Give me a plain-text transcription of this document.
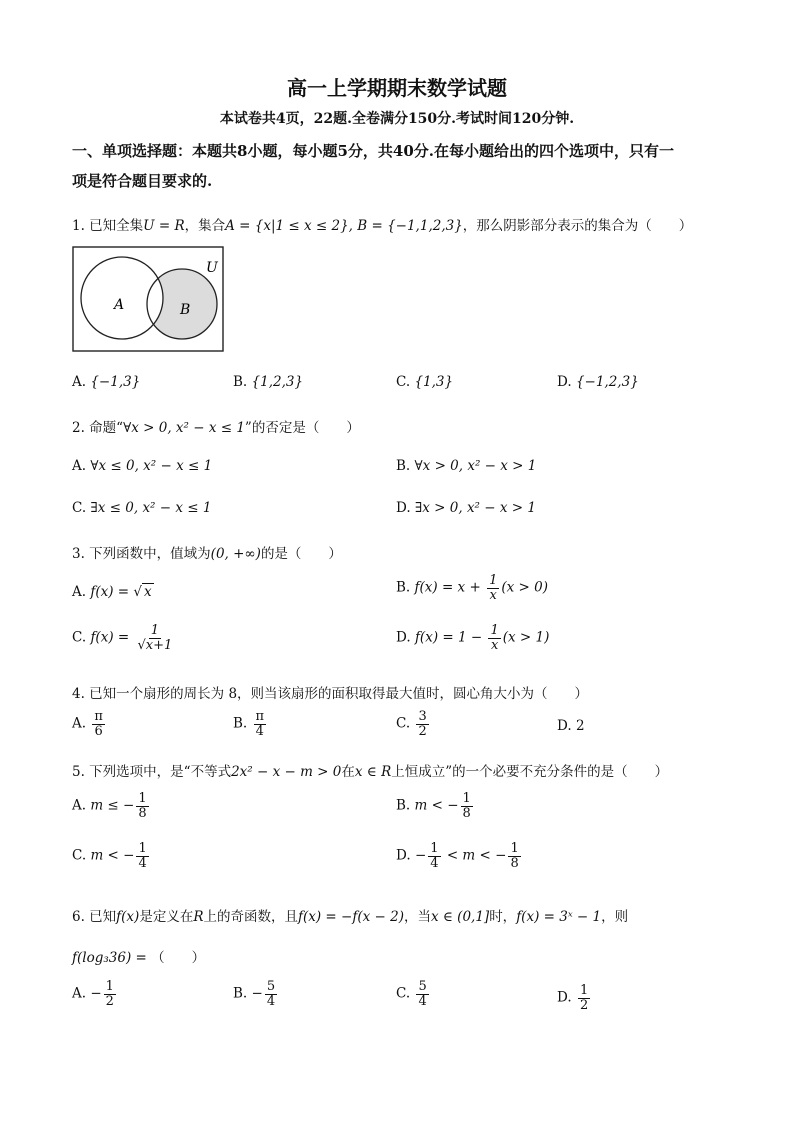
高一上学期期末数学试题
本试卷共4页，22题.全卷满分150分.考试时间120分钟.
一、单项选择题：本题共8小题，每小题5分，共40分.在每小题给出的四个选项中，只有一
项是符合题目要求的.
1. 已知全集U = R，集合A = {x|1 ≤ x ≤ 2}, B = {−1,1,2,3}，那么阴影部分表示的集合为（　　）
U
A	B
A. {−1,3}	B. {1,2,3}	C. {1,3}	D. {−1,2,3}
2. 命题“∀x > 0, x² − x ≤ 1”的否定是（　　）
A. ∀x ≤ 0, x² − x ≤ 1	B. ∀x > 0, x² − x > 1
C. ∃x ≤ 0, x² − x ≤ 1	D. ∃x > 0, x² − x > 1
3. 下列函数中，值域为(0, +∞)的是（　　）
A. f(x) = √ x	B. $f(x) = x + \frac{1}{x} (x > 0)$
C. $f(x) = \frac{1}{√x+1}$	D. $f(x) = 1 - \frac{1}{x} (x > 1)$
4. 已知一个扇形的周长为 8，则当该扇形的面积取得最大值时，圆心角大小为（　　）
A. $\frac{\pi}{6}$	B. $\frac{\pi}{4}$	C. $\frac{3}{2}$	D. 2
5. 下列选项中，是“不等式2x² − x − m > 0在x ∈ R上恒成立”的一个必要不充分条件的是（　　）
A. m ≤ − $\frac{1}{8}$	B. m < − $\frac{1}{8}$
C. m < − $\frac{1}{4}$	D. − $\frac{1}{4} < m$ < − $\frac{1}{8}$
6. 已知f(x)是定义在R上的奇函数，且f(x) = −f(x − 2)，当x ∈ (0,1]时，f(x) = 3ˣ − 1，则
f(log₃36) = （　　）
A. − $\frac{1}{2}$	B. − $\frac{5}{4}$	C. $\frac{5}{4}$	D. $\frac{1}{2}$
